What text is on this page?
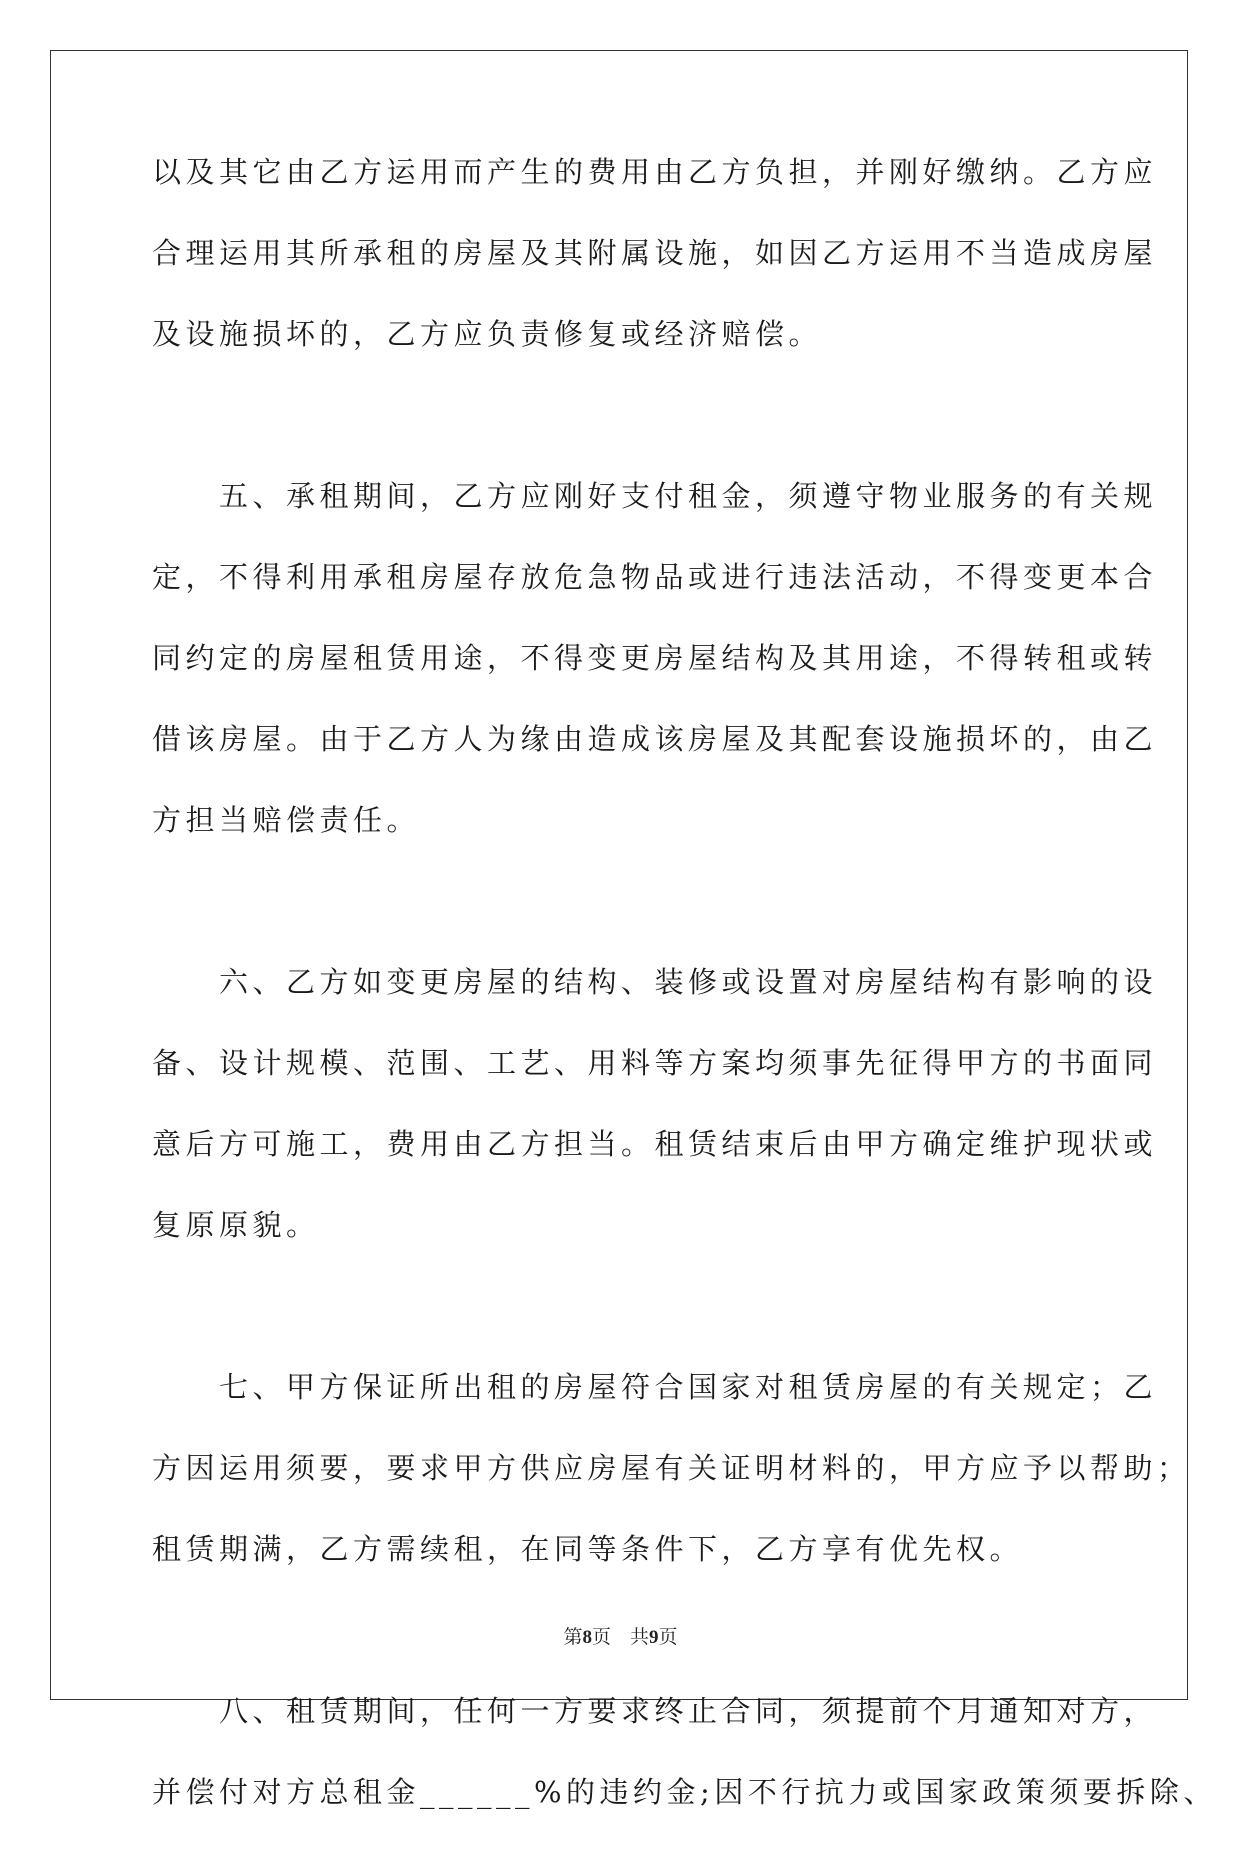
以及其它由乙方运用而产生的费用由乙方负担，并刚好缴纳。乙方应
合理运用其所承租的房屋及其附属设施，如因乙方运用不当造成房屋
及设施损坏的，乙方应负责修复或经济赔偿。
　　五、承租期间，乙方应刚好支付租金，须遵守物业服务的有关规
定，不得利用承租房屋存放危急物品或进行违法活动，不得变更本合
同约定的房屋租赁用途，不得变更房屋结构及其用途，不得转租或转
借该房屋。由于乙方人为缘由造成该房屋及其配套设施损坏的，由乙
方担当赔偿责任。
　　六、乙方如变更房屋的结构、装修或设置对房屋结构有影响的设
备、设计规模、范围、工艺、用料等方案均须事先征得甲方的书面同
意后方可施工，费用由乙方担当。租赁结束后由甲方确定维护现状或
复原原貌。
　　七、甲方保证所出租的房屋符合国家对租赁房屋的有关规定；乙
方因运用须要，要求甲方供应房屋有关证明材料的，甲方应予以帮助；
租赁期满，乙方需续租，在同等条件下，乙方享有优先权。
　　八、租赁期间，任何一方要求终止合同，须提前个月通知对方，
并偿付对方总租金______%的违约金;因不行抗力或国家政策须要拆除、
第8页　共9页
